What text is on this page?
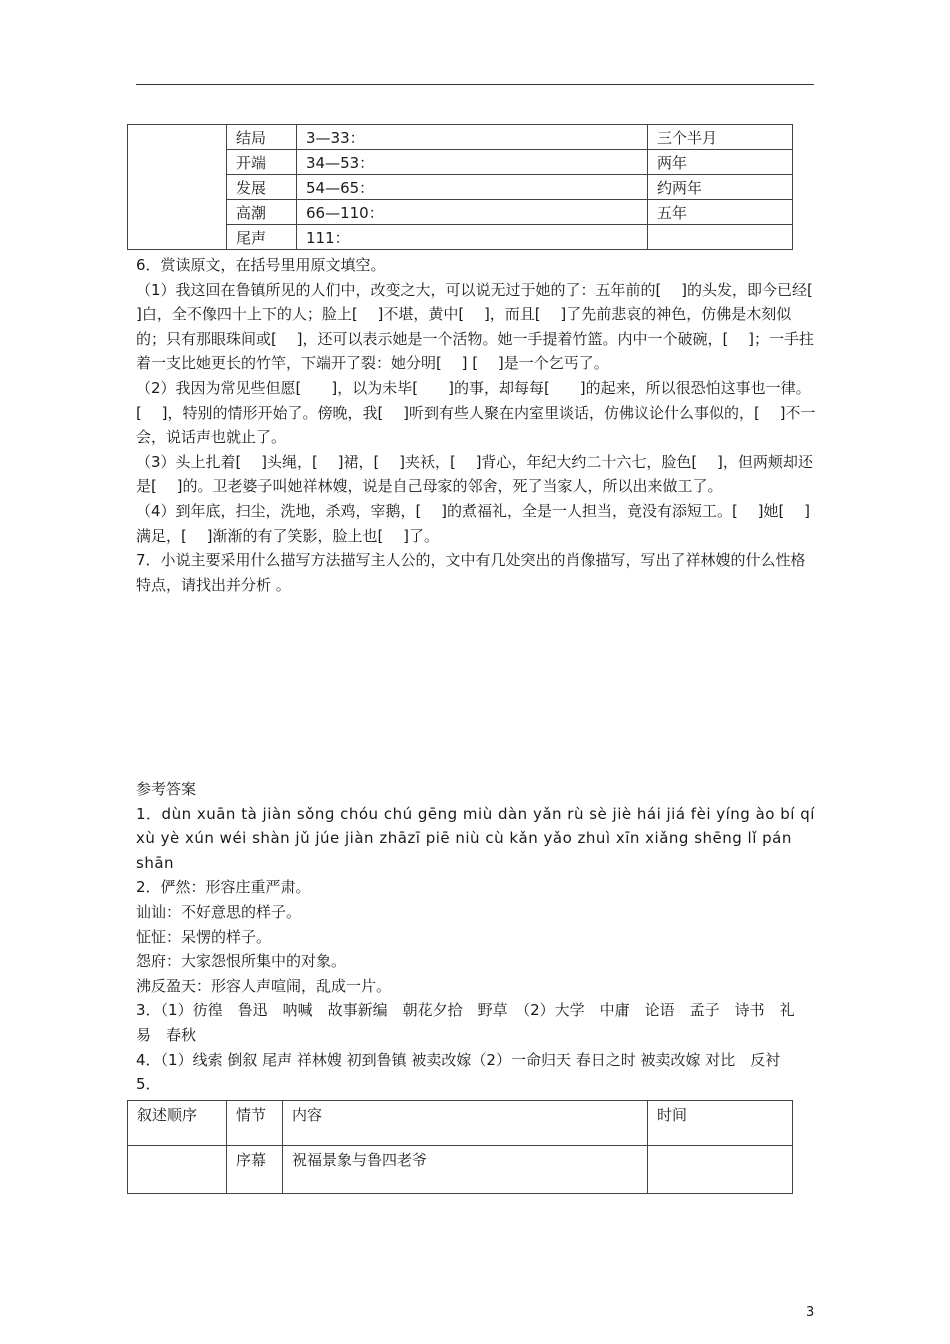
	结局	3—33：	三个半月
	开端	34—53：	两年
	发展	54—65：	约两年
	高潮	66—110：	五年
	尾声	111：	

6．赏读原文，在括号里用原文填空。

（1）我这回在鲁镇所见的人们中，改变之大，可以说无过于她的了：五年前的[　 ]的头发，即今已经[　 ]白，全不像四十上下的人；脸上[　 ]不堪，黄中[　 ]，而且[　 ]了先前悲哀的神色，仿佛是木刻似的；只有那眼珠间或[　 ]，还可以表示她是一个活物。她一手提着竹篮。内中一个破碗，[　 ]；一手拄着一支比她更长的竹竿，下端开了裂：她分明[　 ] [　 ]是一个乞丐了。

（2）我因为常见些但愿[　　]，以为未毕[　　]的事，却每每[　　]的起来，所以很恐怕这事也一律。[　 ]，特别的情形开始了。傍晚，我[　 ]听到有些人聚在内室里谈话，仿佛议论什么事似的，[　 ]不一会，说话声也就止了。

（3）头上扎着[　 ]头绳，[　 ]裙，[　 ]夹袄，[　 ]背心，年纪大约二十六七，脸色[　 ]，但两颊却还是[　 ]的。卫老婆子叫她祥林嫂，说是自己母家的邻舍，死了当家人，所以出来做工了。

（4）到年底，扫尘，洗地，杀鸡，宰鹅，[　 ]的煮福礼，全是一人担当，竟没有添短工。[　 ]她[　 ]满足，[　 ]渐渐的有了笑影，脸上也[　 ]了。

7．小说主要采用什么描写方法描写主人公的，文中有几处突出的肖像描写，写出了祥林嫂的什么性格特点，请找出并分析 。

参考答案

1．dùn xuān tà jiàn sǒnɡ chóu chú gēng miù dàn yǎn rù sè jiè hái jiá fèi yíng ào bí qí xù yè xún wéi shàn jǔ júe jiàn zhāzī piē niù cù kǎn yǎo zhuì xīn xiǎng shēng lǐ pán shān

2．俨然：形容庄重严肃。

讪讪：不好意思的样子。

怔怔：呆愣的样子。

怨府：大家怨恨所集中的对象。

沸反盈天：形容人声喧闹，乱成一片。

3．（1）彷徨　鲁迅　呐喊　故事新编　朝花夕拾　野草　（2）大学　中庸　论语　孟子　诗书　礼　易　春秋

4．（1）线索 倒叙 尾声 祥林嫂 初到鲁镇 被卖改嫁（2）一命归天 春日之时 被卖改嫁 对比　反衬

5．

叙述顺序	情节	内容	时间
	序幕	祝福景象与鲁四老爷	
3
